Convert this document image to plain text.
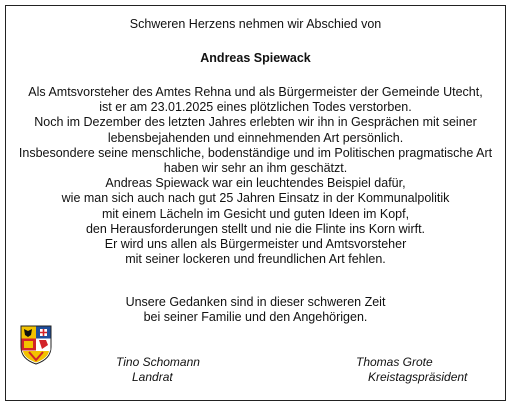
Schweren Herzens nehmen wir Abschied von
Andreas Spiewack
Als Amtsvorsteher des Amtes Rehna und als Bürgermeister der Gemeinde Utecht,
ist er am 23.01.2025 eines plötzlichen Todes verstorben.
Noch im Dezember des letzten Jahres erlebten wir ihn in Gesprächen mit seiner
lebensbejahenden und einnehmenden Art persönlich.
Insbesondere seine menschliche, bodenständige und im Politischen pragmatische Art
haben wir sehr an ihm geschätzt.
Andreas Spiewack war ein leuchtendes Beispiel dafür,
wie man sich auch nach gut 25 Jahren Einsatz in der Kommunalpolitik
mit einem Lächeln im Gesicht und guten Ideen im Kopf,
den Herausforderungen stellt und nie die Flinte ins Korn wirft.
Er wird uns allen als Bürgermeister und Amtsvorsteher
mit seiner lockeren und freundlichen Art fehlen.
Unsere Gedanken sind in dieser schweren Zeit
bei seiner Familie und den Angehörigen.
Tino Schomann
Landrat
Thomas Grote
Kreistagspräsident
